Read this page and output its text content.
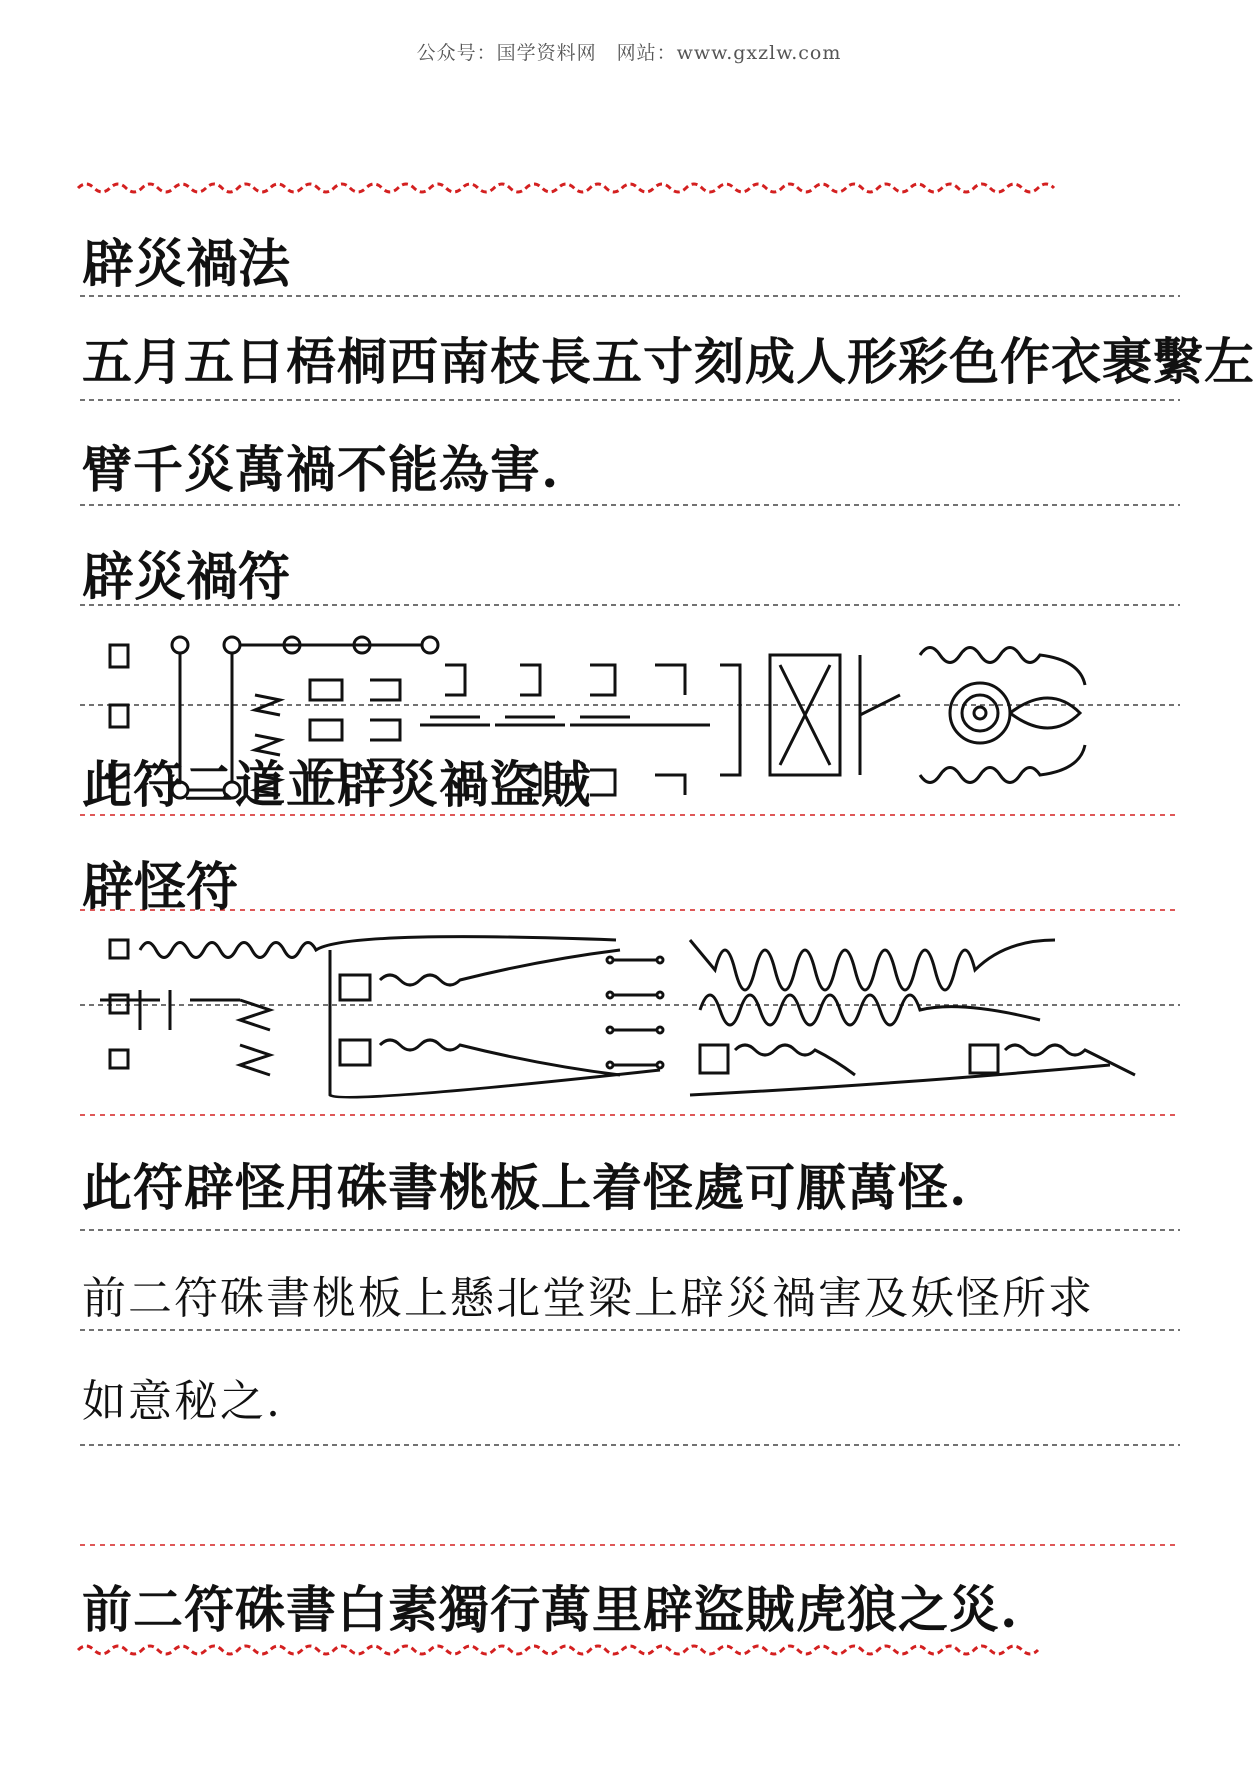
公众号：国学资料网　网站：www.gxzlw.com
辟災禍法
五月五日梧桐西南枝長五寸刻成人形彩色作衣裹繫左
臂千災萬禍不能為害.
辟災禍符
此符二道並辟災禍盜賊
辟怪符
此符辟怪用硃書桃板上着怪處可厭萬怪.
前二符硃書桃板上懸北堂梁上辟災禍害及妖怪所求
如意秘之.
前二符硃書白素獨行萬里辟盜賊虎狼之災.
